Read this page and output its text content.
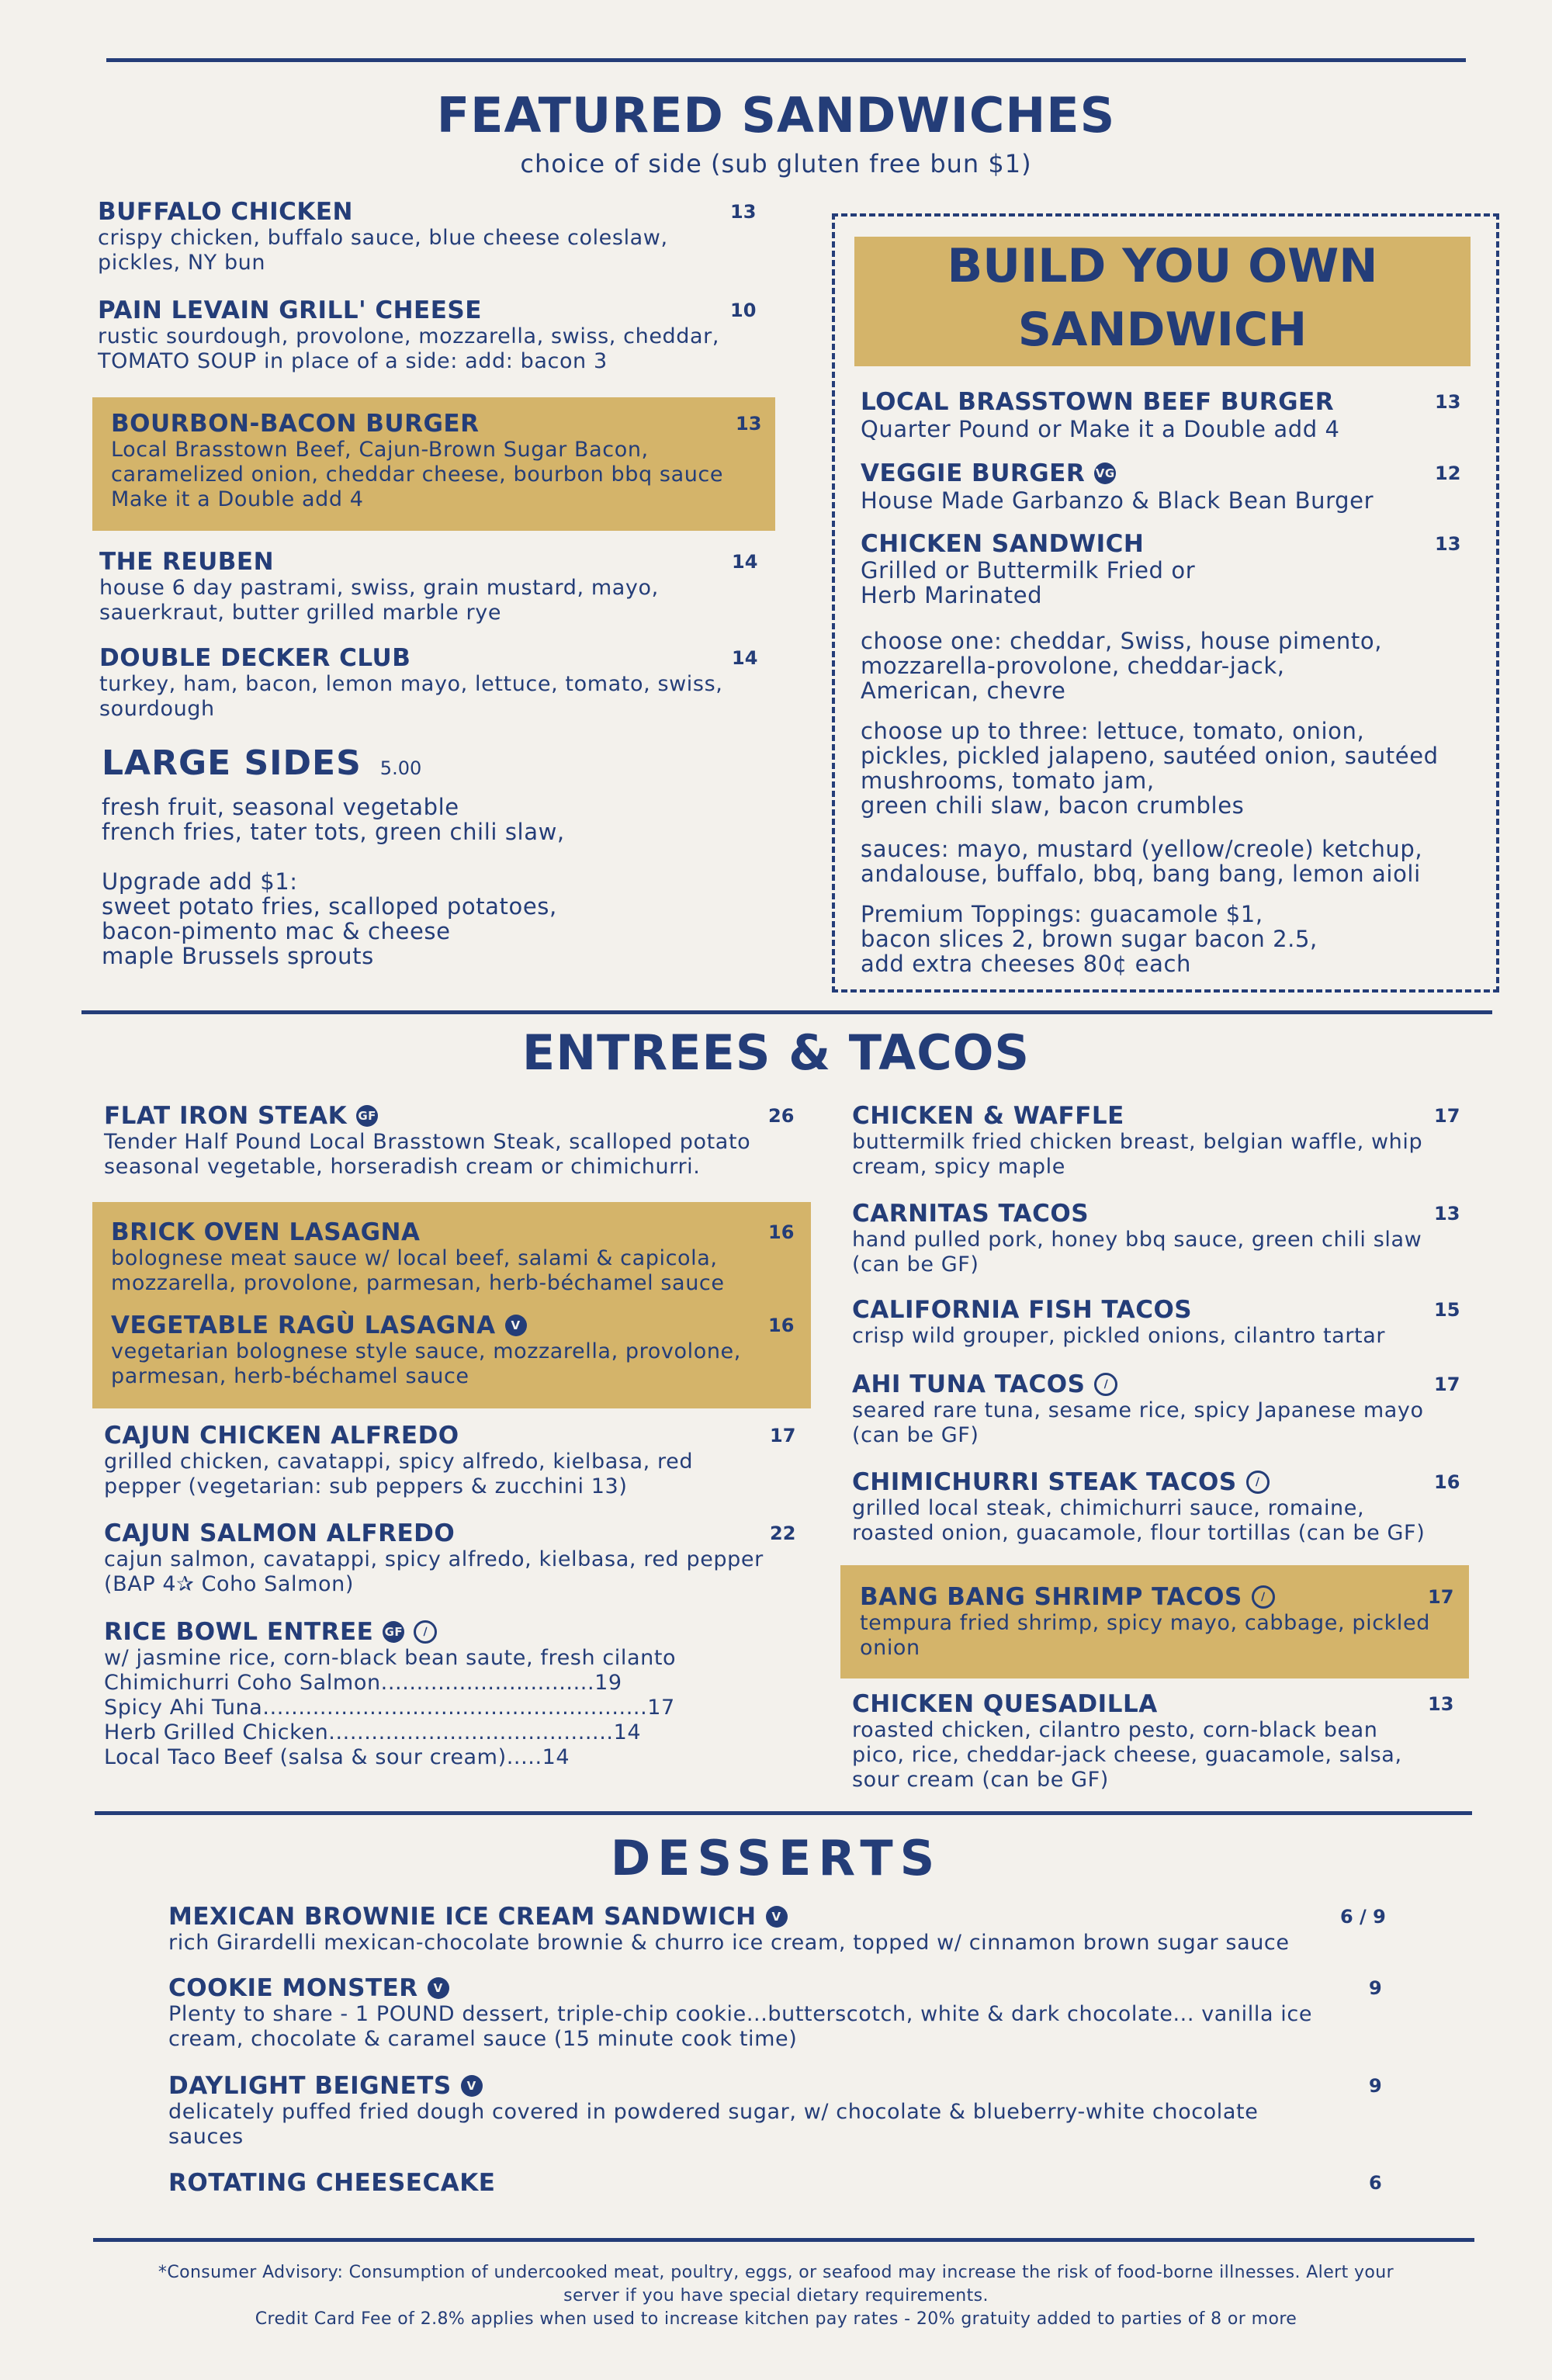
FEATURED SANDWICHES
choice of side (sub gluten free bun $1)
BUFFALO CHICKEN	13
crispy chicken, buffalo sauce, blue cheese coleslaw,
pickles, NY bun
PAIN LEVAIN GRILL' CHEESE	10
rustic sourdough, provolone, mozzarella, swiss, cheddar,
TOMATO SOUP in place of a side: add: bacon 3
BOURBON-BACON BURGER	13
Local Brasstown Beef, Cajun-Brown Sugar Bacon,
caramelized onion, cheddar cheese, bourbon bbq sauce
Make it a Double add 4
THE REUBEN	14
house 6 day pastrami, swiss, grain mustard, mayo,
sauerkraut, butter grilled marble rye
DOUBLE DECKER CLUB	14
turkey, ham, bacon, lemon mayo, lettuce, tomato, swiss,
sourdough
LARGE SIDES 5.00
fresh fruit, seasonal vegetable
french fries, tater tots, green chili slaw,

Upgrade add $1:
sweet potato fries, scalloped potatoes,
bacon-pimento mac & cheese
maple Brussels sprouts
BUILD YOU OWN
SANDWICH
LOCAL BRASSTOWN BEEF BURGER	13
Quarter Pound or Make it a Double add 4
VEGGIE BURGER VG	12
House Made Garbanzo & Black Bean Burger
CHICKEN SANDWICH	13
Grilled or Buttermilk Fried or
Herb Marinated
choose one: cheddar, Swiss, house pimento,
mozzarella-provolone, cheddar-jack,
American, chevre
choose up to three: lettuce, tomato, onion,
pickles, pickled jalapeno, sautéed onion, sautéed
mushrooms, tomato jam,
green chili slaw, bacon crumbles
sauces: mayo, mustard (yellow/creole) ketchup,
andalouse, buffalo, bbq, bang bang, lemon aioli
Premium Toppings: guacamole $1,
bacon slices 2, brown sugar bacon 2.5,
add extra cheeses 80¢ each
ENTREES & TACOS
FLAT IRON STEAK GF	26
Tender Half Pound Local Brasstown Steak, scalloped potato
seasonal vegetable, horseradish cream or chimichurri.
BRICK OVEN LASAGNA	16
bolognese meat sauce w/ local beef, salami & capicola,
mozzarella, provolone, parmesan, herb-béchamel sauce
VEGETABLE RAGÙ LASAGNA	V	16
vegetarian bolognese style sauce, mozzarella, provolone,
parmesan, herb-béchamel sauce
CAJUN CHICKEN ALFREDO	17
grilled chicken, cavatappi, spicy alfredo, kielbasa, red
pepper (vegetarian: sub peppers & zucchini 13)
CAJUN SALMON ALFREDO	22
cajun salmon, cavatappi, spicy alfredo, kielbasa, red pepper
(BAP 4✰ Coho Salmon)
RICE BOWL ENTREE GF	∕
w/ jasmine rice, corn-black bean saute, fresh cilanto
Chimichurri Coho Salmon..............................19
Spicy Ahi Tuna......................................................17
Herb Grilled Chicken........................................14
Local Taco Beef (salsa & sour cream).....14
CHICKEN & WAFFLE	17
buttermilk fried chicken breast, belgian waffle, whip
cream, spicy maple
CARNITAS TACOS	13
hand pulled pork, honey bbq sauce, green chili slaw
(can be GF)
CALIFORNIA FISH TACOS	15
crisp wild grouper, pickled onions, cilantro tartar
AHI TUNA TACOS	∕	17
seared rare tuna, sesame rice, spicy Japanese mayo
(can be GF)
CHIMICHURRI STEAK TACOS	∕	16
grilled local steak, chimichurri sauce, romaine,
roasted onion, guacamole, flour tortillas (can be GF)
BANG BANG SHRIMP TACOS	∕	17
tempura fried shrimp, spicy mayo, cabbage, pickled
onion
CHICKEN QUESADILLA	13
roasted chicken, cilantro pesto, corn-black bean
pico, rice, cheddar-jack cheese, guacamole, salsa,
sour cream (can be GF)
DESSERTS
MEXICAN BROWNIE ICE CREAM SANDWICH	V	6 / 9
rich Girardelli mexican-chocolate brownie & churro ice cream, topped w/ cinnamon brown sugar sauce
COOKIE MONSTER	V	9
Plenty to share - 1 POUND dessert, triple-chip cookie...butterscotch, white & dark chocolate... vanilla ice
cream, chocolate & caramel sauce (15 minute cook time)
DAYLIGHT BEIGNETS	V	9
delicately puffed fried dough covered in powdered sugar, w/ chocolate & blueberry-white chocolate
sauces
ROTATING CHEESECAKE	6
*Consumer Advisory: Consumption of undercooked meat, poultry, eggs, or seafood may increase the risk of food-borne illnesses. Alert your
server if you have special dietary requirements.
Credit Card Fee of 2.8% applies when used to increase kitchen pay rates - 20% gratuity added to parties of 8 or more
